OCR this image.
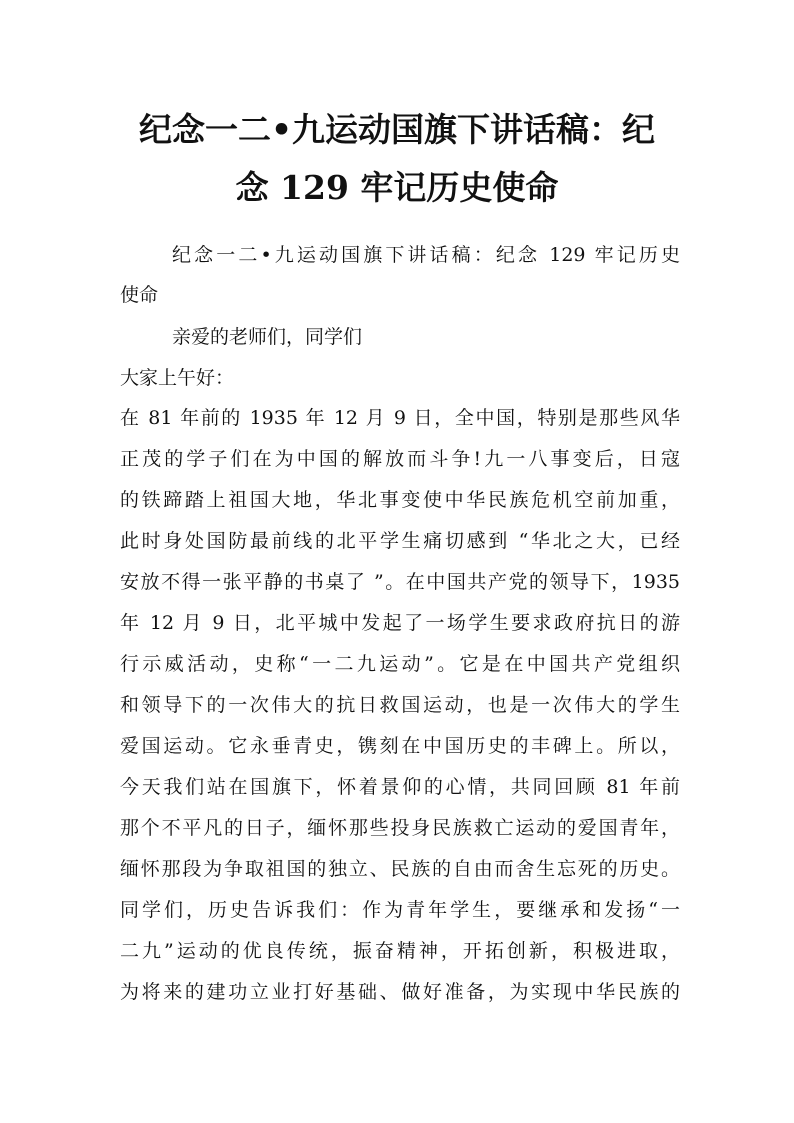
纪念一二•九运动国旗下讲话稿：纪
念 129 牢记历史使命
纪念一二•九运动国旗下讲话稿：纪念 129 牢记历史
使命
亲爱的老师们，同学们
大家上午好：
在 81 年前的 1935 年 12 月 9 日，全中国，特别是那些风华
正茂的学子们在为中国的解放而斗争!九一八事变后，日寇
的铁蹄踏上祖国大地，华北事变使中华民族危机空前加重，
此时身处国防最前线的北平学生痛切感到 “华北之大，已经
安放不得一张平静的书桌了 ”。在中国共产党的领导下，1935
年 12 月 9 日，北平城中发起了一场学生要求政府抗日的游
行示威活动，史称“一二九运动”。它是在中国共产党组织
和领导下的一次伟大的抗日救国运动，也是一次伟大的学生
爱国运动。它永垂青史，镌刻在中国历史的丰碑上。所以，
今天我们站在国旗下，怀着景仰的心情，共同回顾 81 年前
那个不平凡的日子，缅怀那些投身民族救亡运动的爱国青年，
缅怀那段为争取祖国的独立、民族的自由而舍生忘死的历史。
同学们，历史告诉我们：作为青年学生，要继承和发扬“一
二九”运动的优良传统，振奋精神，开拓创新，积极进取，
为将来的建功立业打好基础、做好准备，为实现中华民族的
